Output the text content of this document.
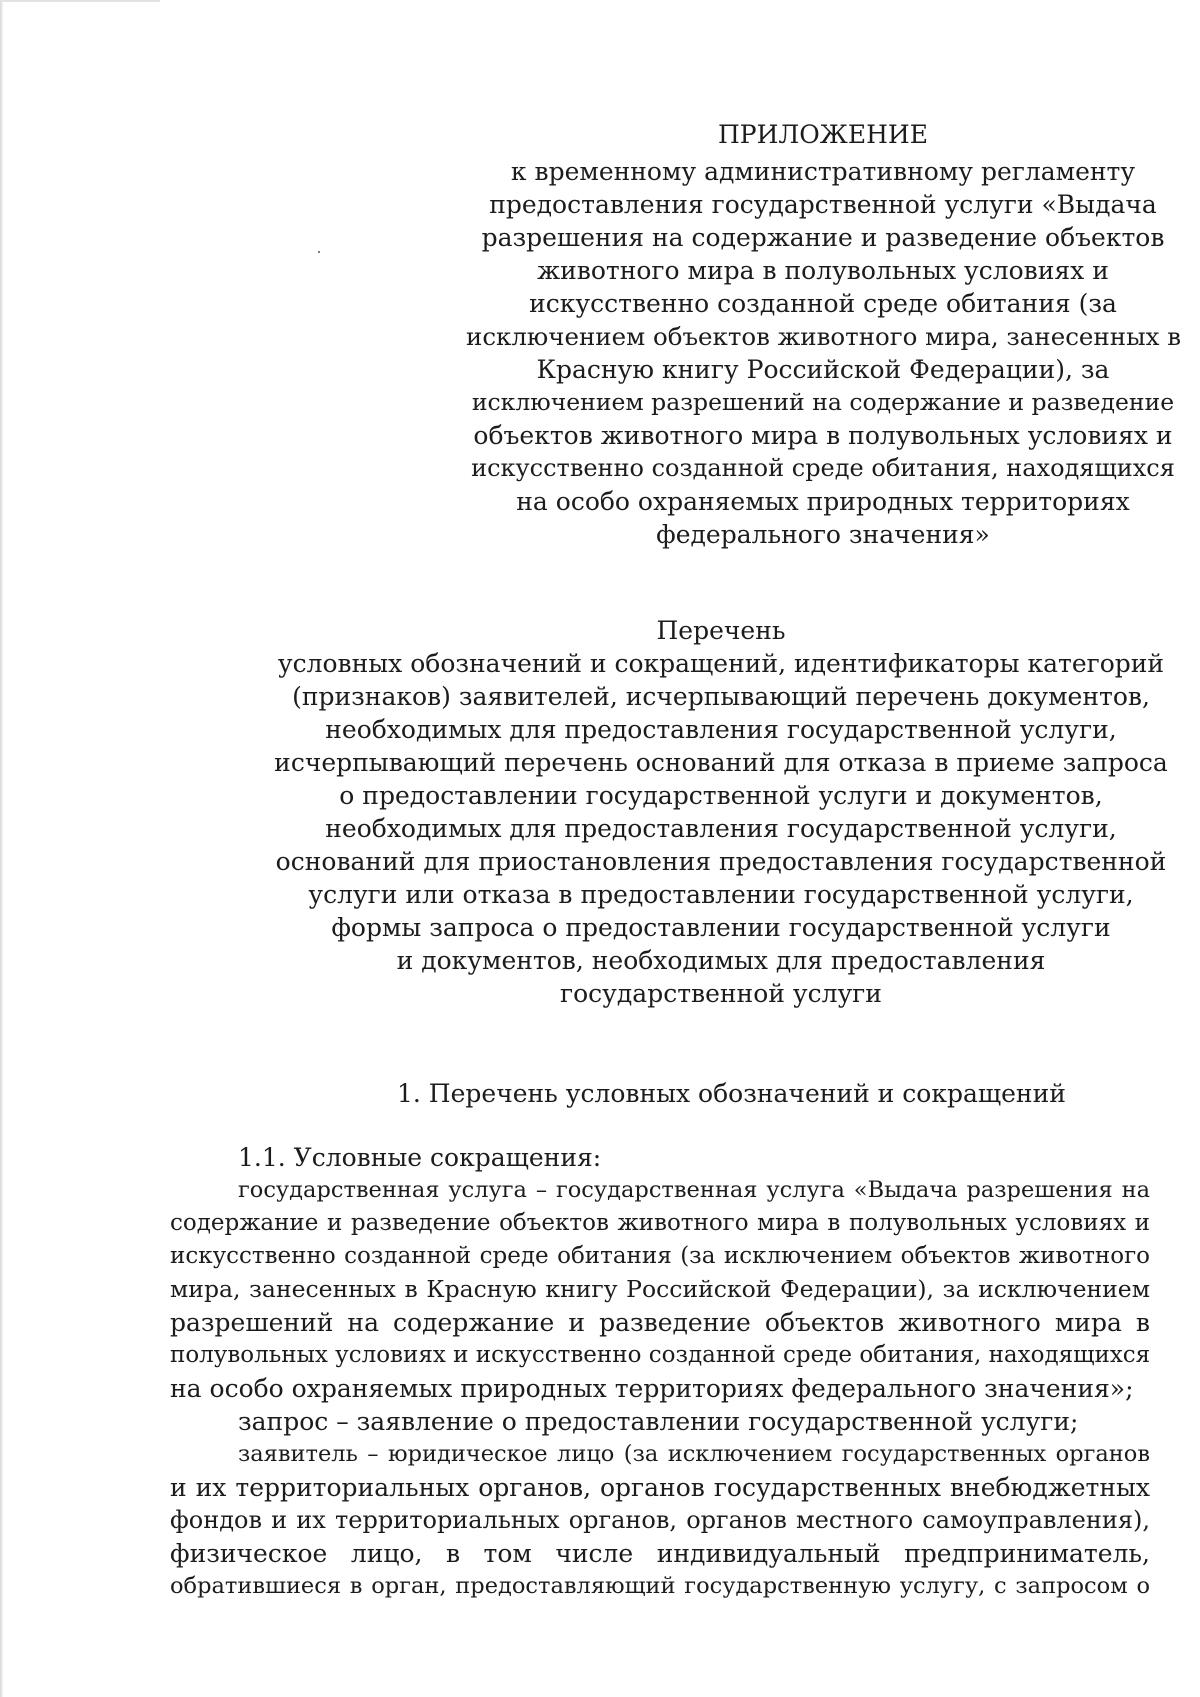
ПРИЛОЖЕНИЕ
к временному административному регламенту
предоставления государственной услуги «Выдача
разрешения на содержание и разведение объектов
животного мира в полувольных условиях и
искусственно созданной среде обитания (за
исключением объектов животного мира, занесенных в
Красную книгу Российской Федерации), за
исключением разрешений на содержание и разведение
объектов животного мира в полувольных условиях и
искусственно созданной среде обитания, находящихся
на особо охраняемых природных территориях
федерального значения»
Перечень
условных обозначений и сокращений, идентификаторы категорий
(признаков) заявителей, исчерпывающий перечень документов,
необходимых для предоставления государственной услуги,
исчерпывающий перечень оснований для отказа в приеме запроса
о предоставлении государственной услуги и документов,
необходимых для предоставления государственной услуги,
оснований для приостановления предоставления государственной
услуги или отказа в предоставлении государственной услуги,
формы запроса о предоставлении государственной услуги
и документов, необходимых для предоставления
государственной услуги
1. Перечень условных обозначений и сокращений
1.1. Условные сокращения:
государственная услуга – государственная услуга «Выдача разрешения на
содержание и разведение объектов животного мира в полувольных условиях и
искусственно созданной среде обитания (за исключением объектов животного
мира, занесенных в Красную книгу Российской Федерации), за исключением
разрешений на содержание и разведение объектов животного мира в
полувольных условиях и искусственно созданной среде обитания, находящихся
на особо охраняемых природных территориях федерального значения»;
запрос – заявление о предоставлении государственной услуги;
заявитель – юридическое лицо (за исключением государственных органов
и их территориальных органов, органов государственных внебюджетных
фондов и их территориальных органов, органов местного самоуправления),
физическое лицо, в том числе индивидуальный предприниматель,
обратившиеся в орган, предоставляющий государственную услугу, с запросом о
